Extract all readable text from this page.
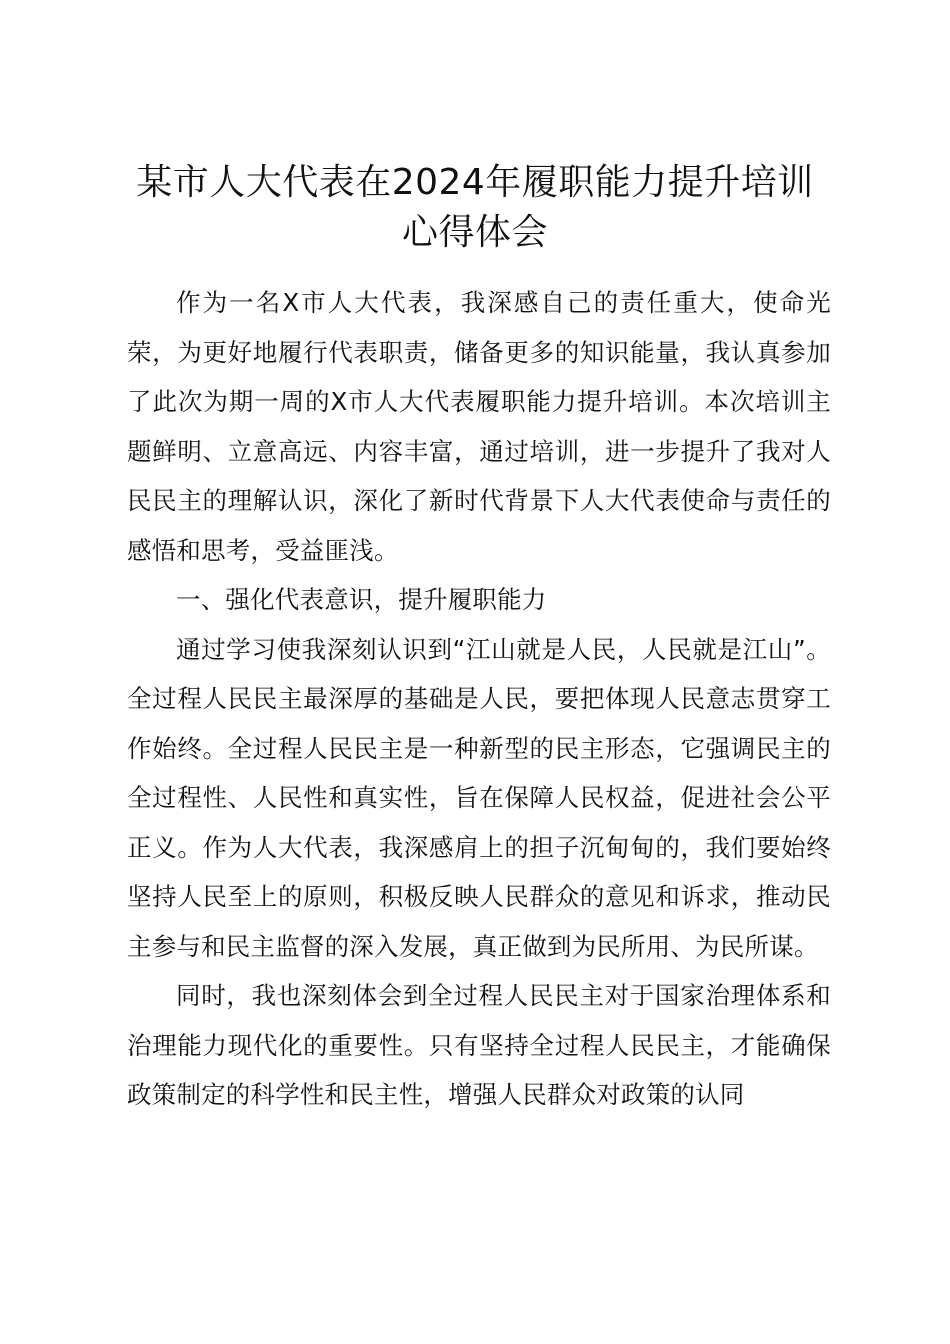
某市人大代表在2024年履职能力提升培训心得体会

作为一名X市人大代表，我深感自己的责任重大，使命光荣，为更好地履行代表职责，储备更多的知识能量，我认真参加了此次为期一周的X市人大代表履职能力提升培训。本次培训主题鲜明、立意高远、内容丰富，通过培训，进一步提升了我对人民民主的理解认识，深化了新时代背景下人大代表使命与责任的感悟和思考，受益匪浅。

一、强化代表意识，提升履职能力

通过学习使我深刻认识到“江山就是人民，人民就是江山”。全过程人民民主最深厚的基础是人民，要把体现人民意志贯穿工作始终。全过程人民民主是一种新型的民主形态，它强调民主的全过程性、人民性和真实性，旨在保障人民权益，促进社会公平正义。作为人大代表，我深感肩上的担子沉甸甸的，我们要始终坚持人民至上的原则，积极反映人民群众的意见和诉求，推动民主参与和民主监督的深入发展，真正做到为民所用、为民所谋。

同时，我也深刻体会到全过程人民民主对于国家治理体系和治理能力现代化的重要性。只有坚持全过程人民民主，才能确保政策制定的科学性和民主性，增强人民群众对政策的认同
